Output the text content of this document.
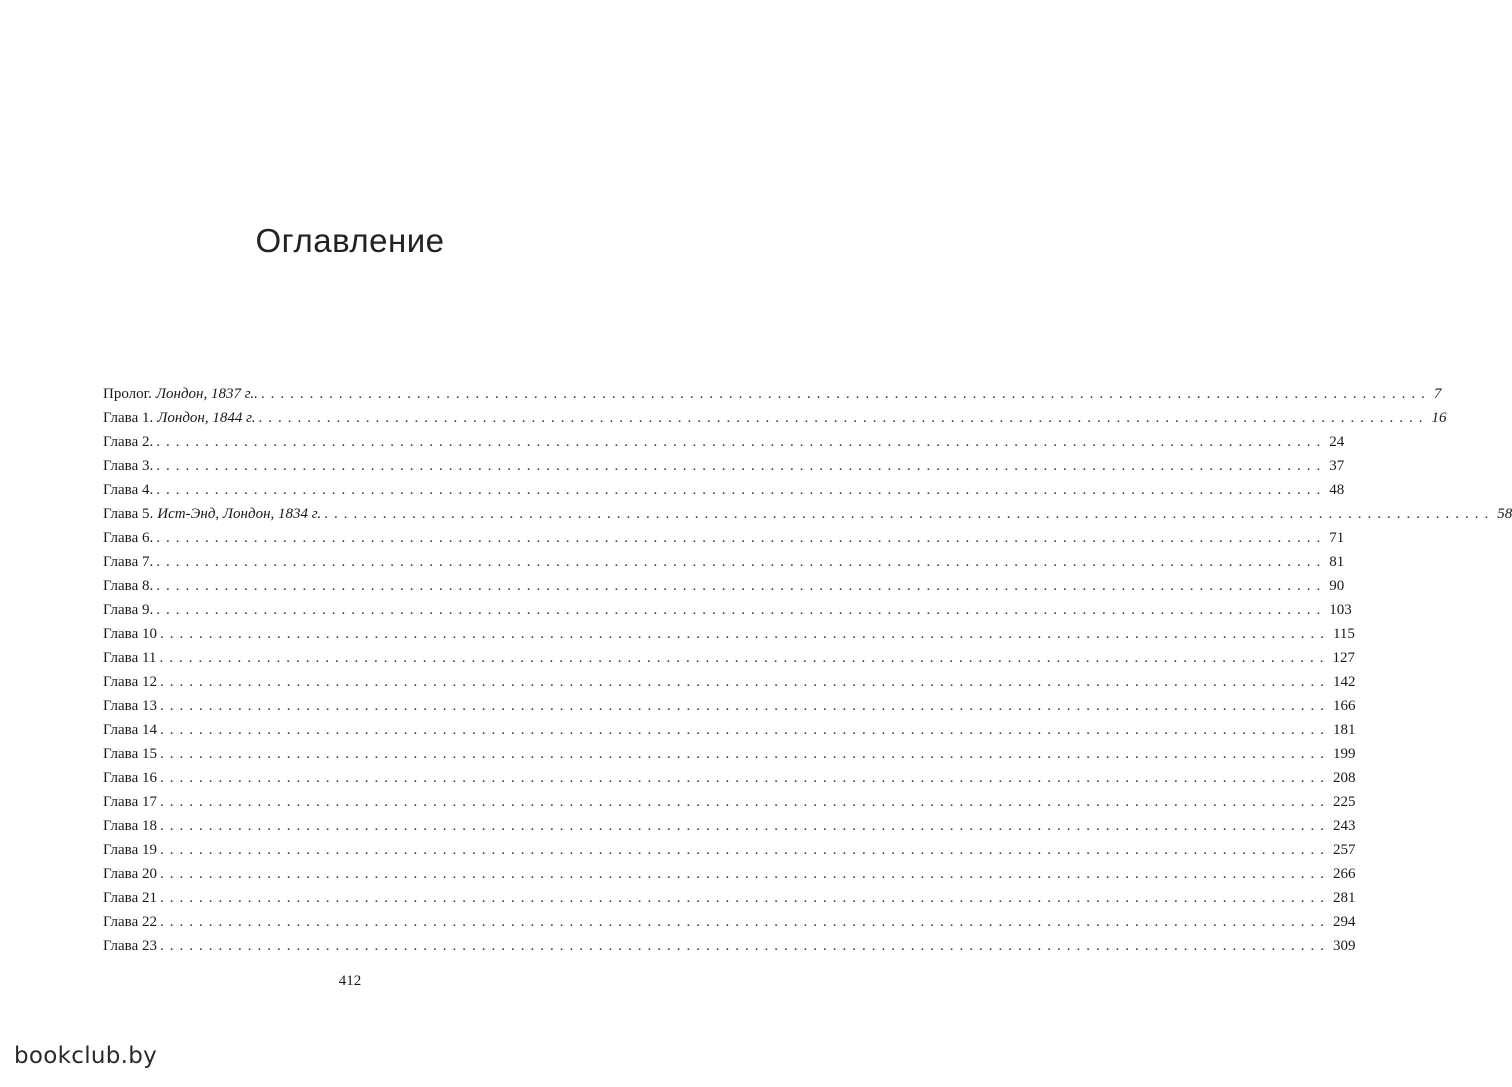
Оглавление
Пролог. Лондон, 1837 г.. ........................................................................................................................ 7
Глава 1. Лондон, 1844 г. ........................................................................................................................ 16
Глава 2. ........................................................................................................................ 24
Глава 3. ........................................................................................................................ 37
Глава 4. ........................................................................................................................ 48
Глава 5. Ист-Энд, Лондон, 1834 г. ........................................................................................................................ 58
Глава 6. ........................................................................................................................ 71
Глава 7. ........................................................................................................................ 81
Глава 8. ........................................................................................................................ 90
Глава 9. ........................................................................................................................ 103
Глава 10 ........................................................................................................................ 115
Глава 11 ........................................................................................................................ 127
Глава 12 ........................................................................................................................ 142
Глава 13 ........................................................................................................................ 166
Глава 14 ........................................................................................................................ 181
Глава 15 ........................................................................................................................ 199
Глава 16 ........................................................................................................................ 208
Глава 17 ........................................................................................................................ 225
Глава 18 ........................................................................................................................ 243
Глава 19 ........................................................................................................................ 257
Глава 20 ........................................................................................................................ 266
Глава 21 ........................................................................................................................ 281
Глава 22 ........................................................................................................................ 294
Глава 23 ........................................................................................................................ 309
412
bookclub.by
